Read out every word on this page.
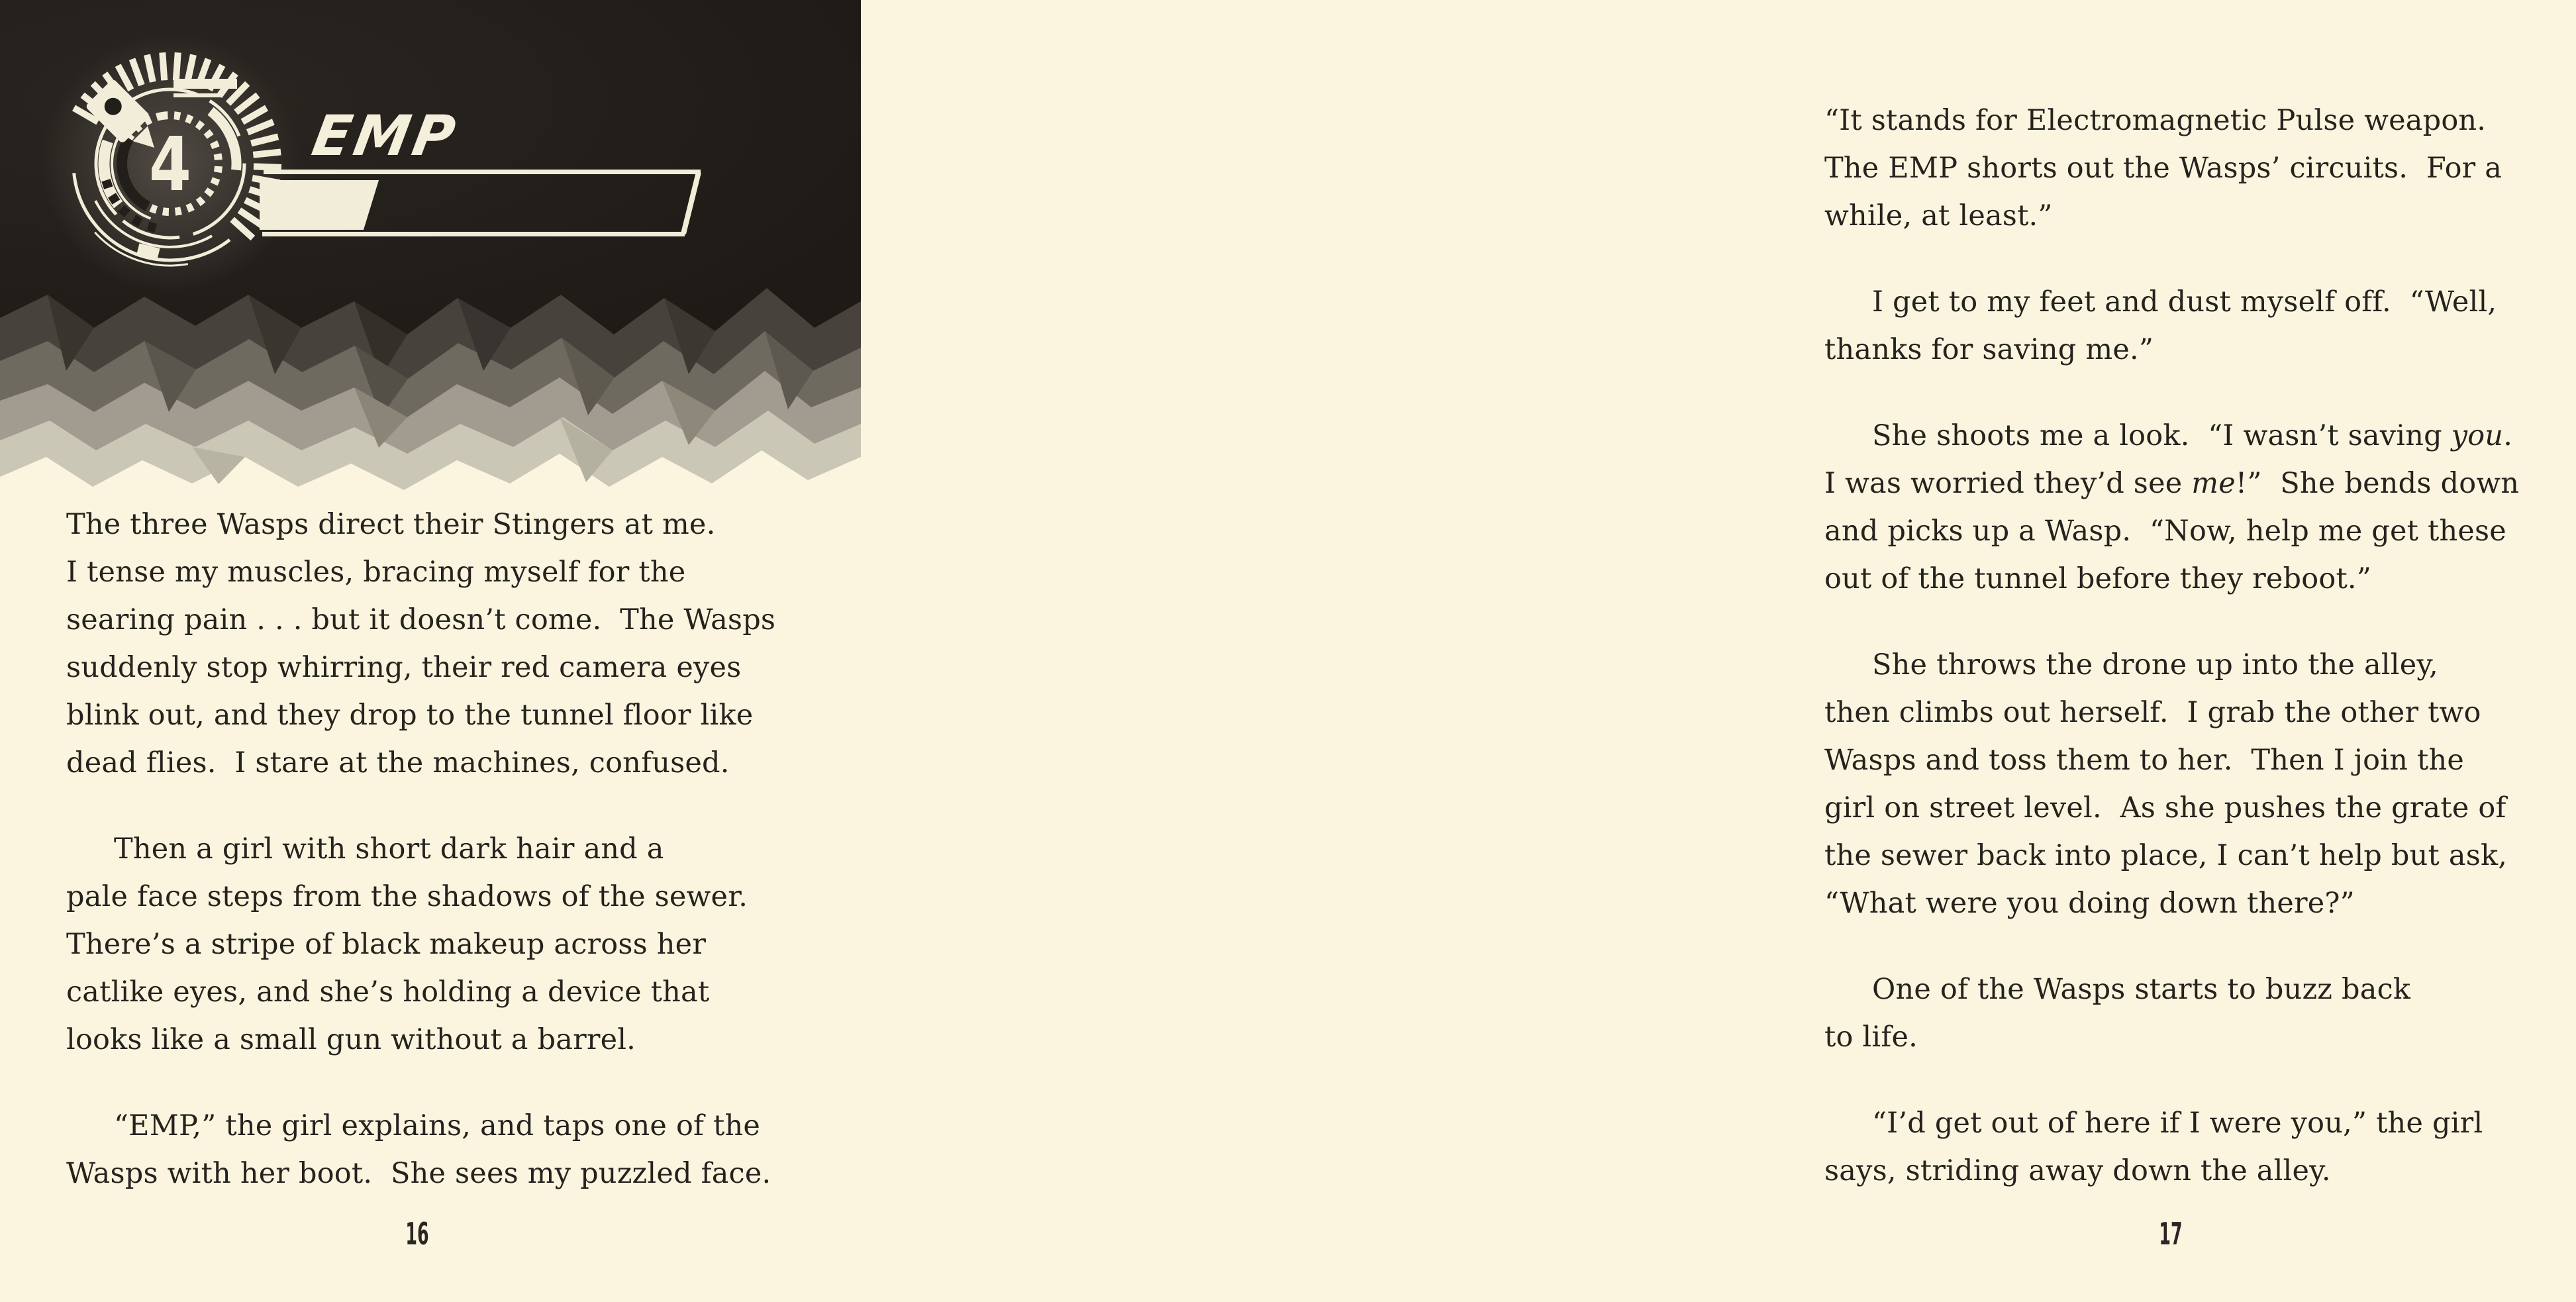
4 EMP

The three Wasps direct their Stingers at me.
I tense my muscles, bracing myself for the
searing pain . . . but it doesn’t come.  The Wasps
suddenly stop whirring, their red camera eyes
blink out, and they drop to the tunnel floor like
dead flies.  I stare at the machines, confused.

Then a girl with short dark hair and a
pale face steps from the shadows of the sewer.
There’s a stripe of black makeup across her
catlike eyes, and she’s holding a device that
looks like a small gun without a barrel.

“EMP,” the girl explains, and taps one of the
Wasps with her boot.  She sees my puzzled face.

16

“It stands for Electromagnetic Pulse weapon.
The EMP shorts out the Wasps’ circuits.  For a
while, at least.”

I get to my feet and dust myself off.  “Well,
thanks for saving me.”

She shoots me a look.  “I wasn’t saving you.
I was worried they’d see me!”  She bends down
and picks up a Wasp.  “Now, help me get these
out of the tunnel before they reboot.”

She throws the drone up into the alley,
then climbs out herself.  I grab the other two
Wasps and toss them to her.  Then I join the
girl on street level.  As she pushes the grate of
the sewer back into place, I can’t help but ask,
“What were you doing down there?”

One of the Wasps starts to buzz back
to life.

“I’d get out of here if I were you,” the girl
says, striding away down the alley.

17
